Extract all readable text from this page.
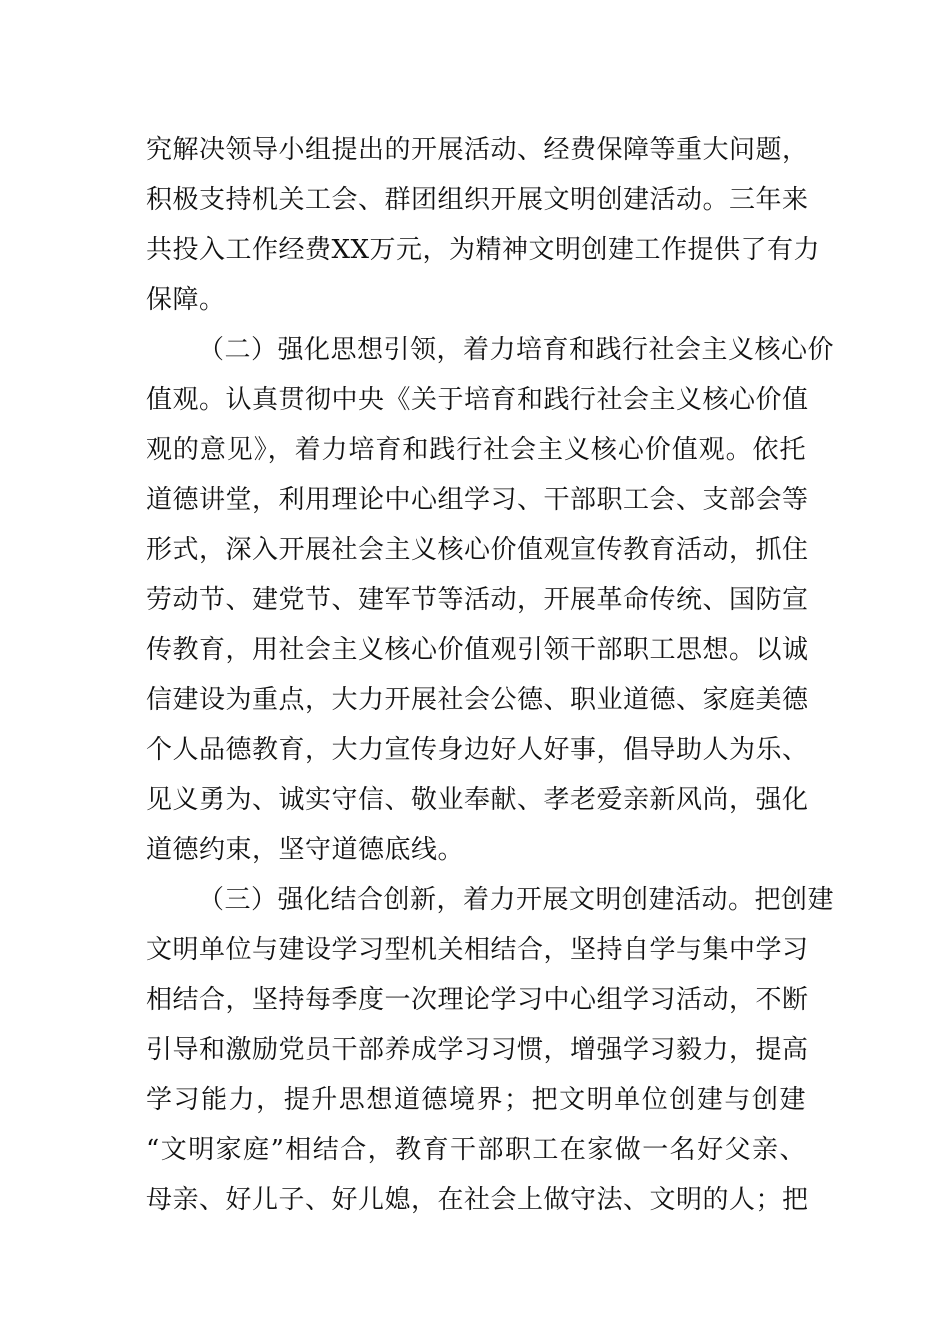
究解决领导小组提出的开展活动、经费保障等重大问题，
积极支持机关工会、群团组织开展文明创建活动。三年来
共投入工作经费XX万元，为精神文明创建工作提供了有力
保障。
（二）强化思想引领，着力培育和践行社会主义核心价
值观。认真贯彻中央《关于培育和践行社会主义核心价值
观的意见》，着力培育和践行社会主义核心价值观。依托
道德讲堂，利用理论中心组学习、干部职工会、支部会等
形式，深入开展社会主义核心价值观宣传教育活动，抓住
劳动节、建党节、建军节等活动，开展革命传统、国防宣
传教育，用社会主义核心价值观引领干部职工思想。以诚
信建设为重点，大力开展社会公德、职业道德、家庭美德
个人品德教育，大力宣传身边好人好事，倡导助人为乐、
见义勇为、诚实守信、敬业奉献、孝老爱亲新风尚，强化
道德约束，坚守道德底线。
（三）强化结合创新，着力开展文明创建活动。把创建
文明单位与建设学习型机关相结合，坚持自学与集中学习
相结合，坚持每季度一次理论学习中心组学习活动，不断
引导和激励党员干部养成学习习惯，增强学习毅力，提高
学习能力，提升思想道德境界；把文明单位创建与创建
“文明家庭”相结合，教育干部职工在家做一名好父亲、
母亲、好儿子、好儿媳，在社会上做守法、文明的人；把
